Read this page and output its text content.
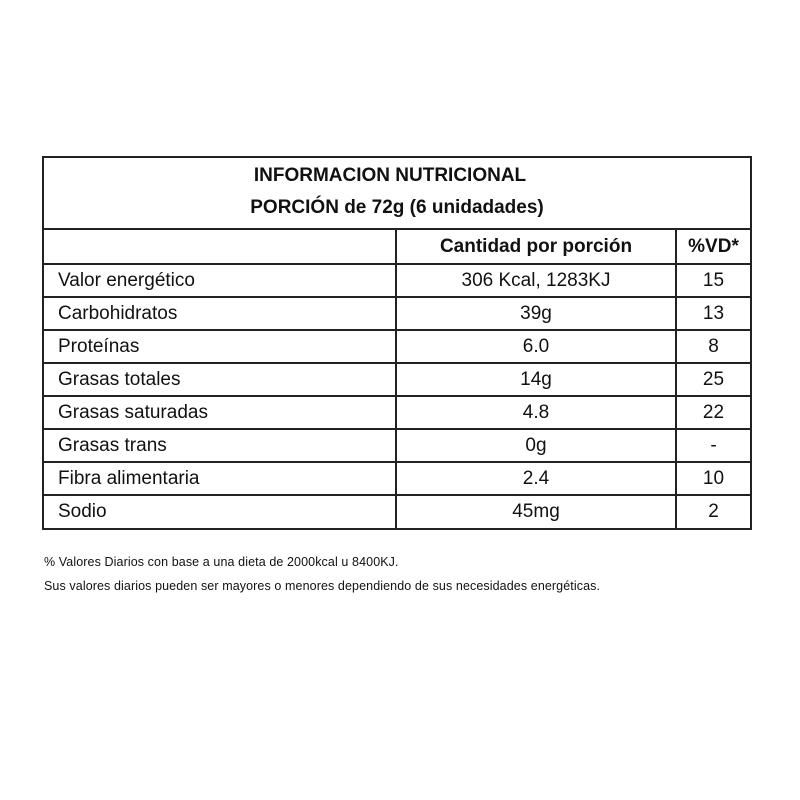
INFORMACION NUTRICIONAL
PORCIÓN de 72g (6 unidadades)
	Cantidad por porción	%VD*
Valor energético	306 Kcal, 1283KJ	15
Carbohidratos	39g	13
Proteínas	6.0	8
Grasas totales	14g	25
Grasas saturadas	4.8	22
Grasas trans	0g	-
Fibra alimentaria	2.4	10
Sodio	45mg	2
% Valores Diarios con base a una dieta de 2000kcal u 8400KJ.
Sus valores diarios pueden ser mayores o menores dependiendo de sus necesidades energéticas.
